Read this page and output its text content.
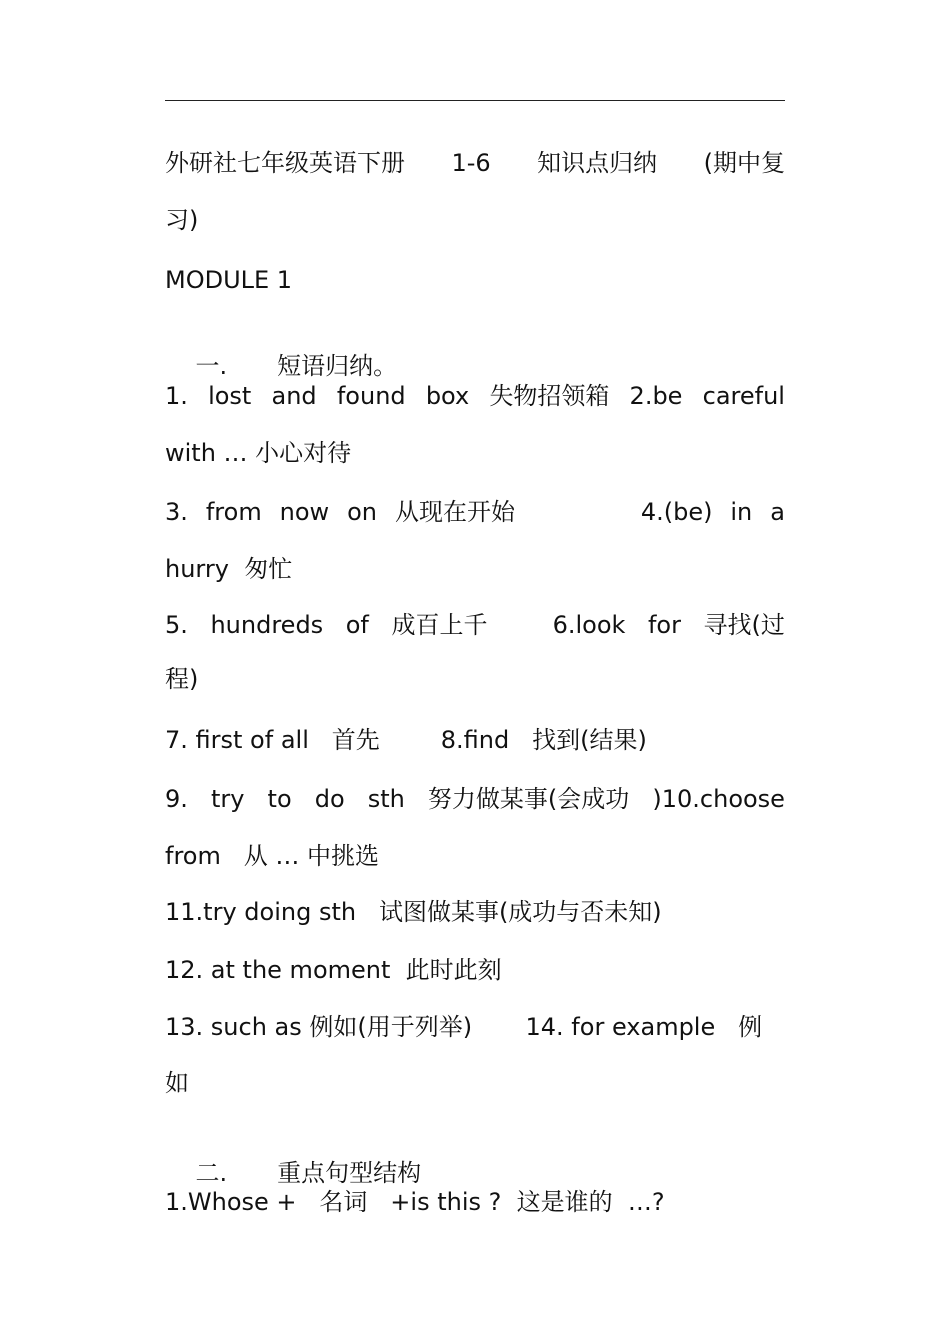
外研社七年级英语下册 1-6 知识点归纳 (期中复
习)
MODULE 1

一. 短语归纳。

1. lost and found box 失物招领箱 2.be careful
with … 小心对待
3. from now on 从现在开始	4.(be) in a
hurry  匆忙
5. hundreds of 成百上千	6.look for 寻找(过
程)
7. first of all   首先        8.find   找到(结果)
9. try to do sth 努力做某事(会成功 )10.choose
from   从 … 中挑选
11.try doing sth   试图做某事(成功与否未知)
12. at the moment  此时此刻
13. such as 例如(用于列举)       14. for example   例
如

二. 重点句型结构

1.Whose +   名词   +is this ?  这是谁的  …?
